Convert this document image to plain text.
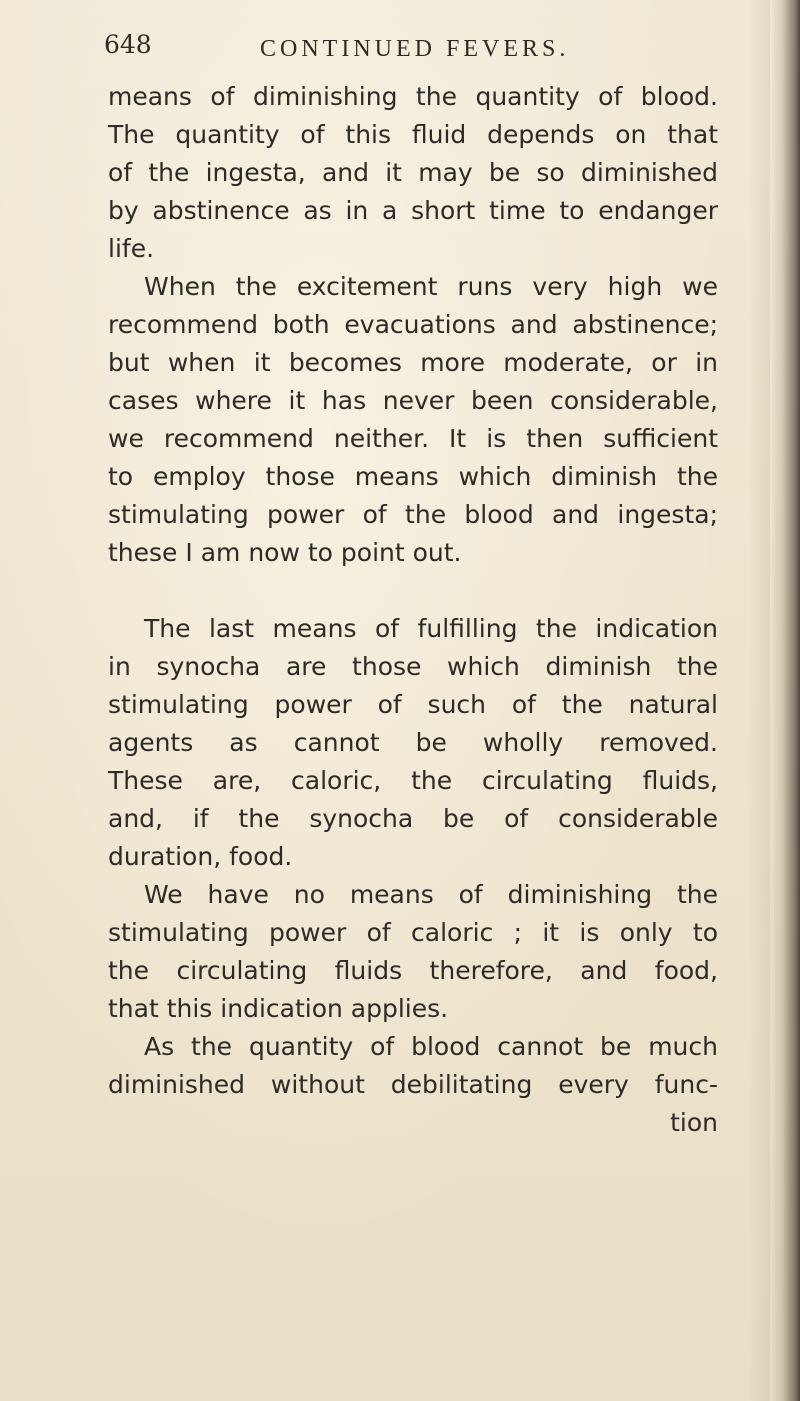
648	CONTINUED FEVERS.
means of diminishing the quantity of blood.
The quantity of this fluid depends on that
of the ingesta, and it may be so diminished
by abstinence as in a short time to endanger
life.
When the excitement runs very high we
recommend both evacuations and abstinence;
but when it becomes more moderate, or in
cases where it has never been considerable,
we recommend neither. It is then sufficient
to employ those means which diminish the
stimulating power of the blood and ingesta;
these I am now to point out.
The last means of fulfilling the indication
in synocha are those which diminish the
stimulating power of such of the natural
agents as cannot be wholly removed.
These are, caloric, the circulating fluids,
and, if the synocha be of considerable
duration, food.
We have no means of diminishing the
stimulating power of caloric ; it is only to
the circulating fluids therefore, and food,
that this indication applies.
As the quantity of blood cannot be much
diminished without debilitating every func-
tion
